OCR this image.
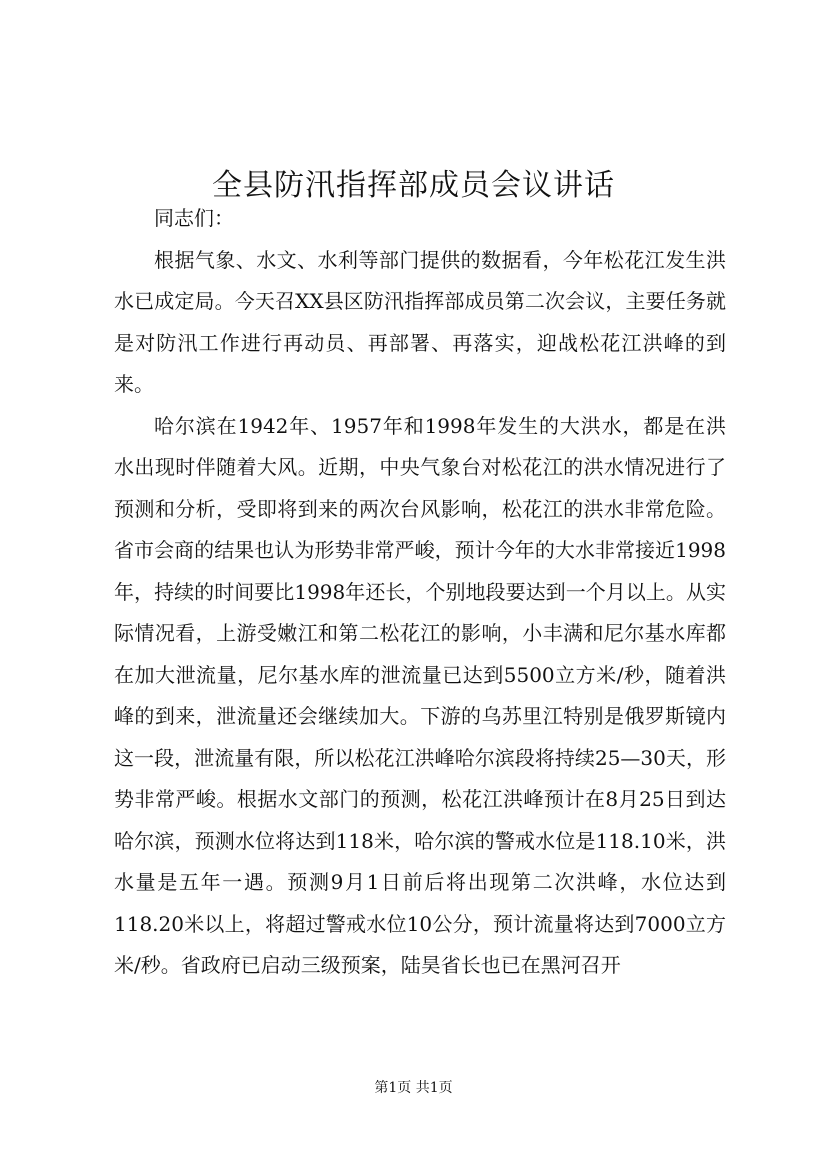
全县防汛指挥部成员会议讲话

同志们：

根据气象、水文、水利等部门提供的数据看，今年松花江发生洪水已成定局。今天召XX县区防汛指挥部成员第二次会议，主要任务就是对防汛工作进行再动员、再部署、再落实，迎战松花江洪峰的到来。

哈尔滨在1942年、1957年和1998年发生的大洪水，都是在洪水出现时伴随着大风。近期，中央气象台对松花江的洪水情况进行了预测和分析，受即将到来的两次台风影响，松花江的洪水非常危险。省市会商的结果也认为形势非常严峻，预计今年的大水非常接近1998年，持续的时间要比1998年还长，个别地段要达到一个月以上。从实际情况看，上游受嫩江和第二松花江的影响，小丰满和尼尔基水库都在加大泄流量，尼尔基水库的泄流量已达到5500立方米/秒，随着洪峰的到来，泄流量还会继续加大。下游的乌苏里江特别是俄罗斯镜内这一段，泄流量有限，所以松花江洪峰哈尔滨段将持续25—30天，形势非常严峻。根据水文部门的预测，松花江洪峰预计在8月25日到达哈尔滨，预测水位将达到118米，哈尔滨的警戒水位是118.10米，洪水量是五年一遇。预测9月1日前后将出现第二次洪峰，水位达到118.20米以上，将超过警戒水位10公分，预计流量将达到7000立方米/秒。省政府已启动三级预案，陆昊省长也已在黑河召开

第1页 共1页
